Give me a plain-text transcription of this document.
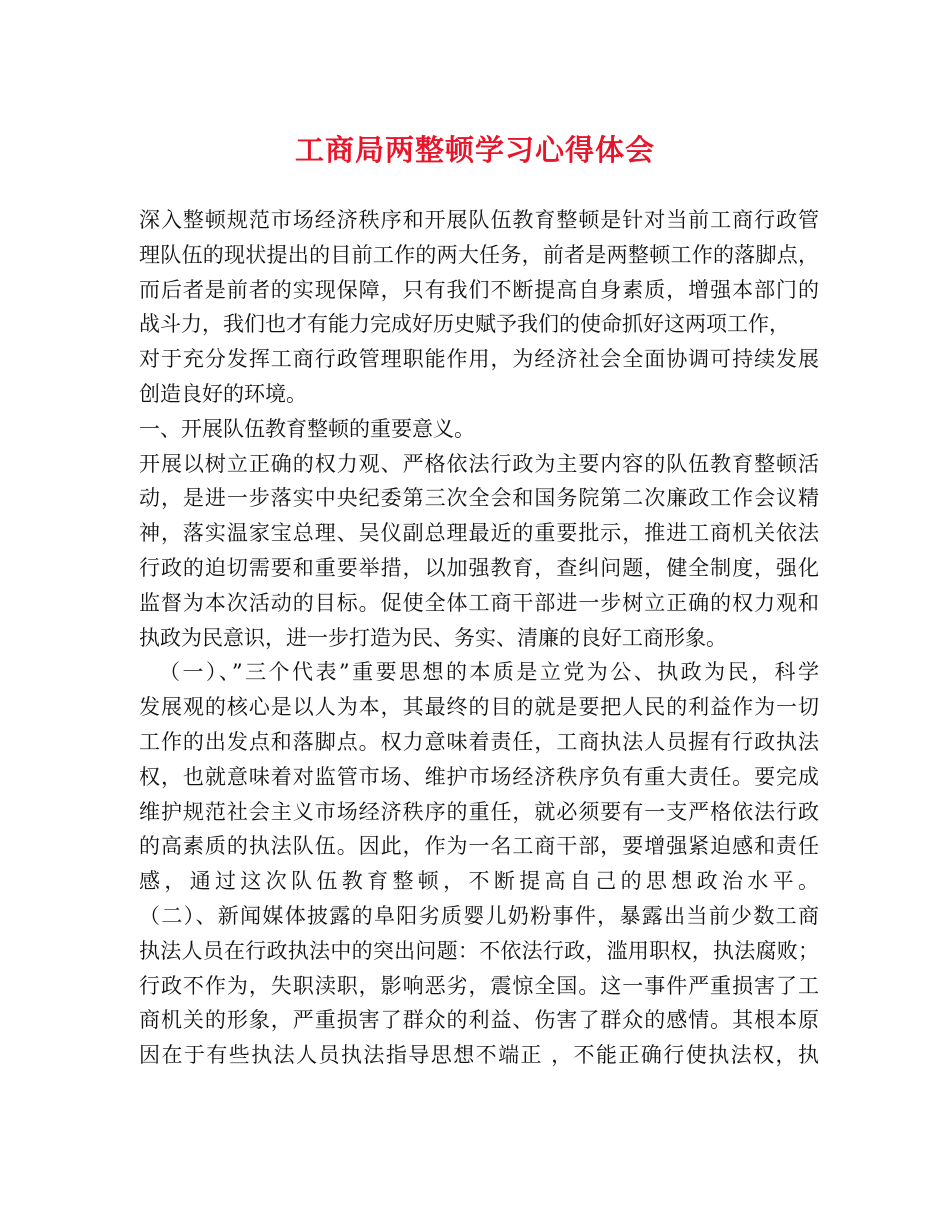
工商局两整顿学习心得体会
深入整顿规范市场经济秩序和开展队伍教育整顿是针对当前工商行政管
理队伍的现状提出的目前工作的两大任务，前者是两整顿工作的落脚点，
而后者是前者的实现保障，只有我们不断提高自身素质，增强本部门的
战斗力，我们也才有能力完成好历史赋予我们的使命抓好这两项工作，
对于充分发挥工商行政管理职能作用，为经济社会全面协调可持续发展
创造良好的环境。
一、开展队伍教育整顿的重要意义。
开展以树立正确的权力观、严格依法行政为主要内容的队伍教育整顿活
动，是进一步落实中央纪委第三次全会和国务院第二次廉政工作会议精
神，落实温家宝总理、吴仪副总理最近的重要批示，推进工商机关依法
行政的迫切需要和重要举措，以加强教育，查纠问题，健全制度，强化
监督为本次活动的目标。促使全体工商干部进一步树立正确的权力观和
执政为民意识，进一步打造为民、务实、清廉的良好工商形象。
（一）、”三个代表”重要思想的本质是立党为公、执政为民，科学
发展观的核心是以人为本，其最终的目的就是要把人民的利益作为一切
工作的出发点和落脚点。权力意味着责任，工商执法人员握有行政执法
权，也就意味着对监管市场、维护市场经济秩序负有重大责任。要完成
维护规范社会主义市场经济秩序的重任，就必须要有一支严格依法行政
的高素质的执法队伍。因此，作为一名工商干部，要增强紧迫感和责任
感，通过这次队伍教育整顿，不断提高自己的思想政治水平。
（二）、新闻媒体披露的阜阳劣质婴儿奶粉事件，暴露出当前少数工商
执法人员在行政执法中的突出问题：不依法行政，滥用职权，执法腐败；
行政不作为，失职渎职，影响恶劣，震惊全国。这一事件严重损害了工
商机关的形象，严重损害了群众的利益、伤害了群众的感情。其根本原
因在于有些执法人员执法指导思想不端正 ，不能正确行使执法权，执
